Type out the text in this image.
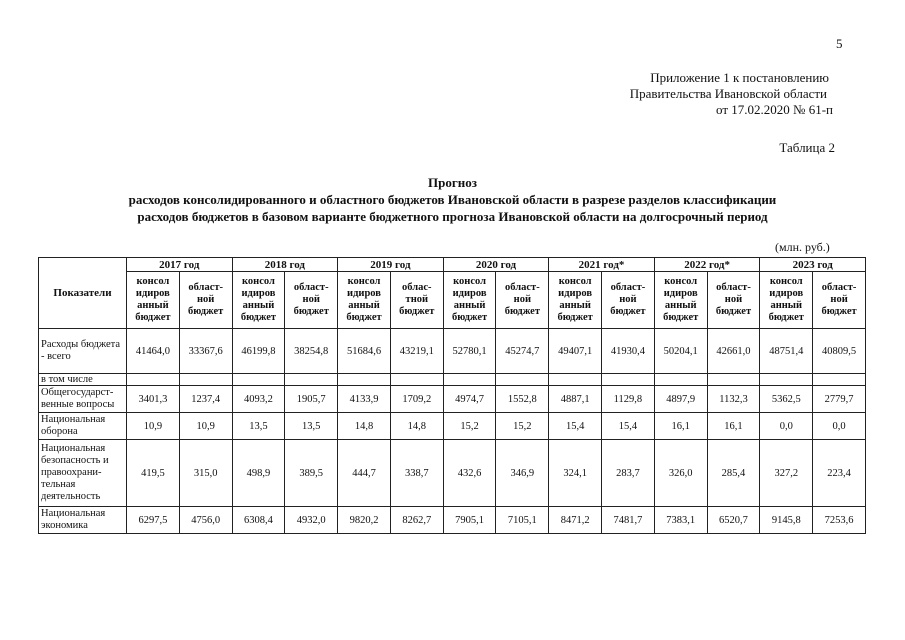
5
Приложение 1 к постановлению
Правительства Ивановской области
от 17.02.2020 № 61-п
Таблица 2
Прогноз
расходов консолидированного и областного бюджетов Ивановской области в разрезе разделов классификации
расходов бюджетов в базовом варианте бюджетного прогноза Ивановской области на долгосрочный период
(млн. руб.)
Показатели	2017 год		2018 год		2019 год		2020 год		2021 год*		2022 год*		2023 год	
	консол идиров анный бюджет	област-ной бюджет	консол идиров анный бюджет	област-ной бюджет	консол идиров анный бюджет	облас-тной бюджет	консол идиров анный бюджет	област-ной бюджет	консол идиров анный бюджет	област-ной бюджет	консол идиров анный бюджет	област-ной бюджет	консол идиров анный бюджет	област-ной бюджет
Расходы бюджета - всего	41464,0	33367,6	46199,8	38254,8	51684,6	43219,1	52780,1	45274,7	49407,1	41930,4	50204,1	42661,0	48751,4	40809,5
в том числе														
Общегосударст-венные вопросы	3401,3	1237,4	4093,2	1905,7	4133,9	1709,2	4974,7	1552,8	4887,1	1129,8	4897,9	1132,3	5362,5	2779,7
Национальная оборона	10,9	10,9	13,5	13,5	14,8	14,8	15,2	15,2	15,4	15,4	16,1	16,1	0,0	0,0
Национальная безопасность и правоохрани-тельная деятельность	419,5	315,0	498,9	389,5	444,7	338,7	432,6	346,9	324,1	283,7	326,0	285,4	327,2	223,4
Национальная экономика	6297,5	4756,0	6308,4	4932,0	9820,2	8262,7	7905,1	7105,1	8471,2	7481,7	7383,1	6520,7	9145,8	7253,6
